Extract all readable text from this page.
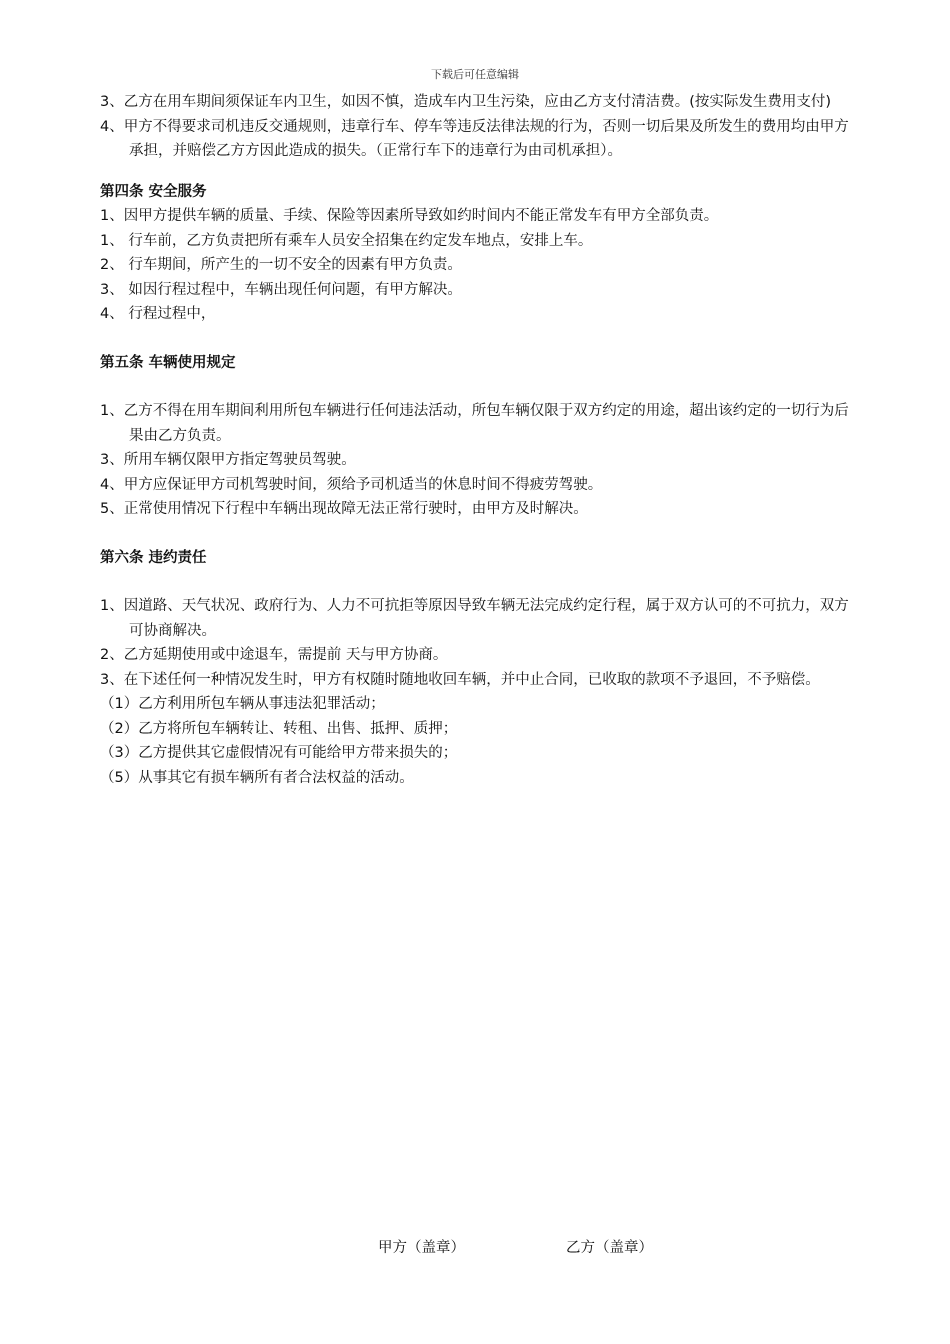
下载后可任意编辑

3、乙方在用车期间须保证车内卫生，如因不慎，造成车内卫生污染，应由乙方支付清洁费。(按实际发生费用支付)

4、甲方不得要求司机违反交通规则，违章行车、停车等违反法律法规的行为，否则一切后果及所发生的费用均由甲方承担，并赔偿乙方方因此造成的损失。（正常行车下的违章行为由司机承担）。

第四条 安全服务

1、因甲方提供车辆的质量、手续、保险等因素所导致如约时间内不能正常发车有甲方全部负责。

1、 行车前，乙方负责把所有乘车人员安全招集在约定发车地点，安排上车。

2、 行车期间，所产生的一切不安全的因素有甲方负责。

3、 如因行程过程中，车辆出现任何问题，有甲方解决。

4、 行程过程中，

第五条 车辆使用规定

1、乙方不得在用车期间利用所包车辆进行任何违法活动，所包车辆仅限于双方约定的用途，超出该约定的一切行为后果由乙方负责。

3、所用车辆仅限甲方指定驾驶员驾驶。

4、甲方应保证甲方司机驾驶时间，须给予司机适当的休息时间不得疲劳驾驶。

5、正常使用情况下行程中车辆出现故障无法正常行驶时，由甲方及时解决。

第六条 违约责任

1、因道路、天气状况、政府行为、人力不可抗拒等原因导致车辆无法完成约定行程，属于双方认可的不可抗力，双方可协商解决。

2、乙方延期使用或中途退车，需提前 天与甲方协商。

3、在下述任何一种情况发生时，甲方有权随时随地收回车辆，并中止合同，已收取的款项不予退回，不予赔偿。

（1）乙方利用所包车辆从事违法犯罪活动；

（2）乙方将所包车辆转让、转租、出售、抵押、质押；

（3）乙方提供其它虚假情况有可能给甲方带来损失的；

（5）从事其它有损车辆所有者合法权益的活动。

甲方（盖章）	乙方（盖章）
